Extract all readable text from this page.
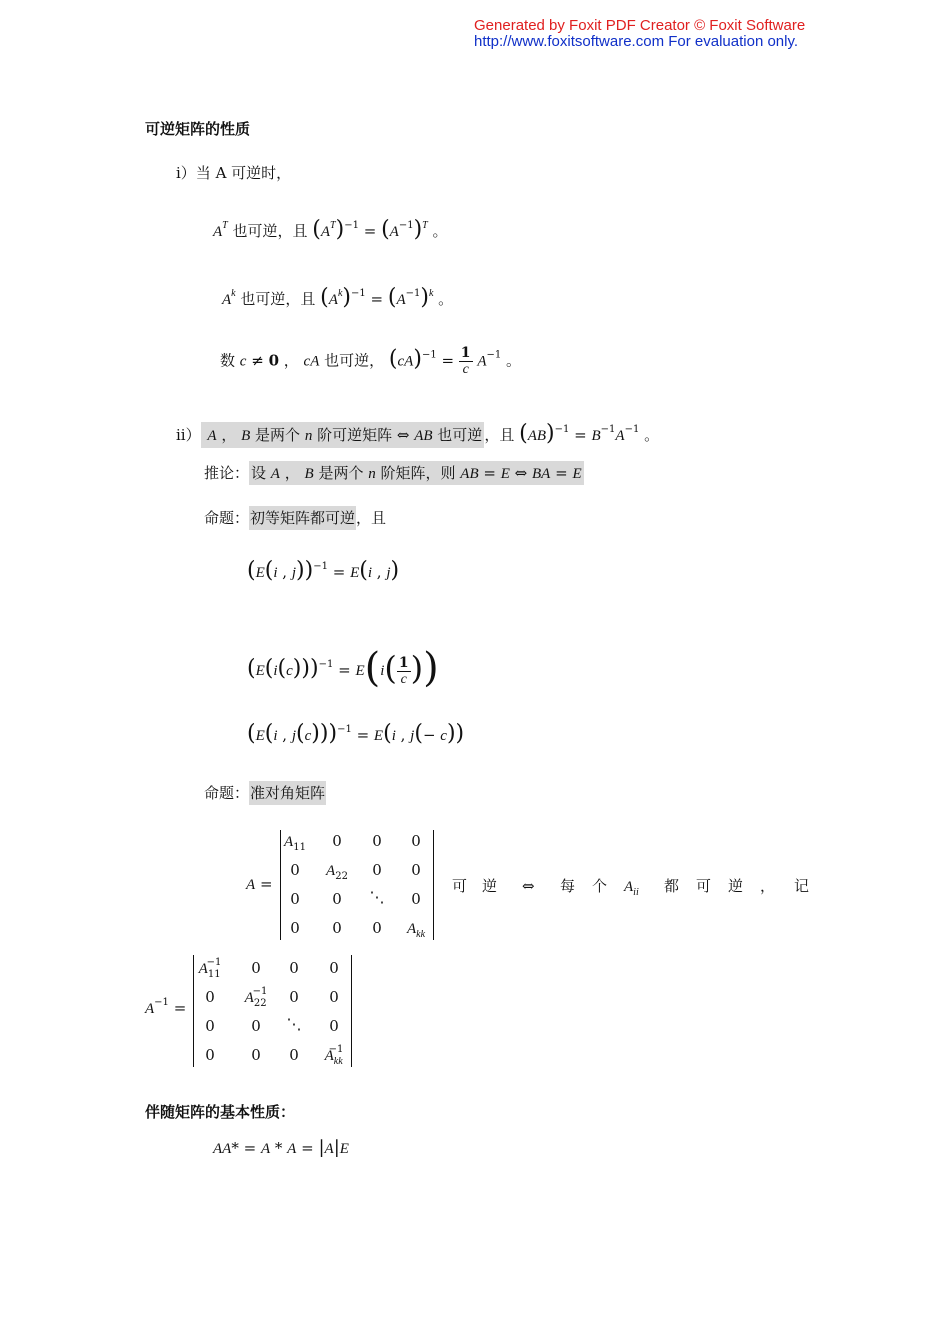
Generated by Foxit PDF Creator © Foxit Software
http://www.foxitsoftware.com For evaluation only.
可逆矩阵的性质
i）当 A 可逆时，
$A^T$ 也可逆，且 $(A^T)^{-1} = (A^{-1})^T$ 。
$A^k$ 也可逆，且 $(A^k)^{-1} = (A^{-1})^k$ 。
数 c ≠ 0 ， cA 也可逆， $(cA)^{-1} = \frac{1}{c} A^{-1}$ 。
ii） A ， B 是两个 n 阶可逆矩阵 ⇔ AB 也可逆 ，且 $(AB)^{-1} = B^{-1}A^{-1}$ 。
推论： 设 A ， B 是两个 n 阶矩阵，则 AB = E ⇔ BA = E
命题：初等矩阵都可逆，且
(E(i , j))$^{-1}$ = E(i , j)
$(E(i(c)))^{-1} = E(i( \frac{1}{c}$ ))
(E(i , j(c)))$^{-1}$ = E(i , j(− c))
命题：准对角矩阵
A =
$A_{11}$	0	0	0
0	$A_{22}$	0	0
0	0	⋱	0
0	0	0	$A_{kk}$
可 逆 ⇔ 每 个 $A_{ii}$ 都 可 逆 ， 记
$A^{-1}$ =
$A_{11}^{-1}$	0	0	0
0	$A_{22}^{-1}$	0	0
0	0	⋱	0
0	0	0	$A_{kk}^{-1}$
伴随矩阵的基本性质：
AA* = A * A = |A|E
